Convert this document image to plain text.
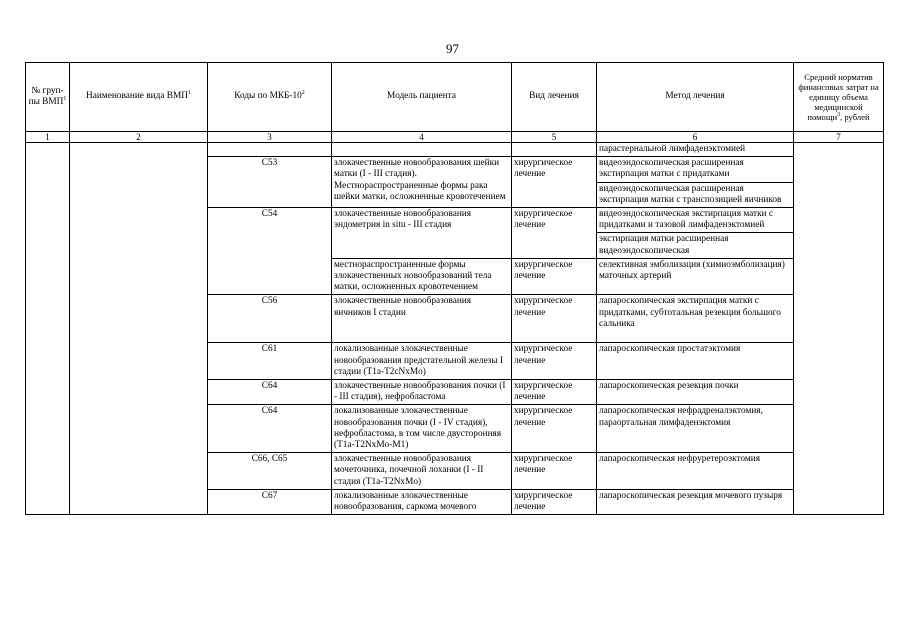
97
№ груп-пы ВМП$^1$	Наименование вида ВМП$^1$	Коды по МКБ-$10^2$	Модель пациента	Вид лечения	Метод лечения	Средний норматив финансовых затрат на единицу объема медицинской помощи$^3$, рублей
1	2	3	4	5	6	7
					парастернальной лимфаденэктомией	
		C53	злокачественные новообразования шейки матки (I - III стадия). Местнораспространенные формы рака шейки матки, осложненные кровотечением	хирургическое лечение	видеоэндоскопическая расширенная экстирпация матки с придатками	
					видеоэндоскопическая расширенная экстирпация матки с транспозицией яичников	
		C54	злокачественные новообразования эндометрия in situ - III стадия	хирургическое лечение	видеоэндоскопическая экстирпация матки с придатками и тазовой лимфаденэктомией	
					экстирпация матки расширенная видеоэндоскопическая	
			местнораспространенные формы злокачественных новообразований тела матки, осложненных кровотечением	хирургическое лечение	селективная эмболизация (химиоэмболизация) маточных артерий	
		C56	злокачественные новообразования яичников I стадии	хирургическое лечение	лапароскопическая экстирпация матки с придатками, субтотальная резекция большого сальника	
		C61	локализованные злокачественные новообразования предстательной железы I стадии (T1a-T2cNxMo)	хирургическое лечение	лапароскопическая простатэктомия	
		C64	злокачественные новообразования почки (I - III стадия), нефробластома	хирургическое лечение	лапароскопическая резекция почки	
		C64	локализованные злокачественные новообразования почки (I - IV стадия), нефробластома, в том числе двусторонняя (T1a-T2NxMo-M1)	хирургическое лечение	лапароскопическая нефрадреналэктомия, параортальная лимфаденэктомия	
		C66, C65	злокачественные новообразования мочеточника, почечной лоханки (I - II стадия (T1a-T2NxMo)	хирургическое лечение	лапароскопическая нефруретероэктомия	
		C67	локализованные злокачественные новообразования, саркома мочевого	хирургическое лечение	лапароскопическая резекция мочевого пузыря	
